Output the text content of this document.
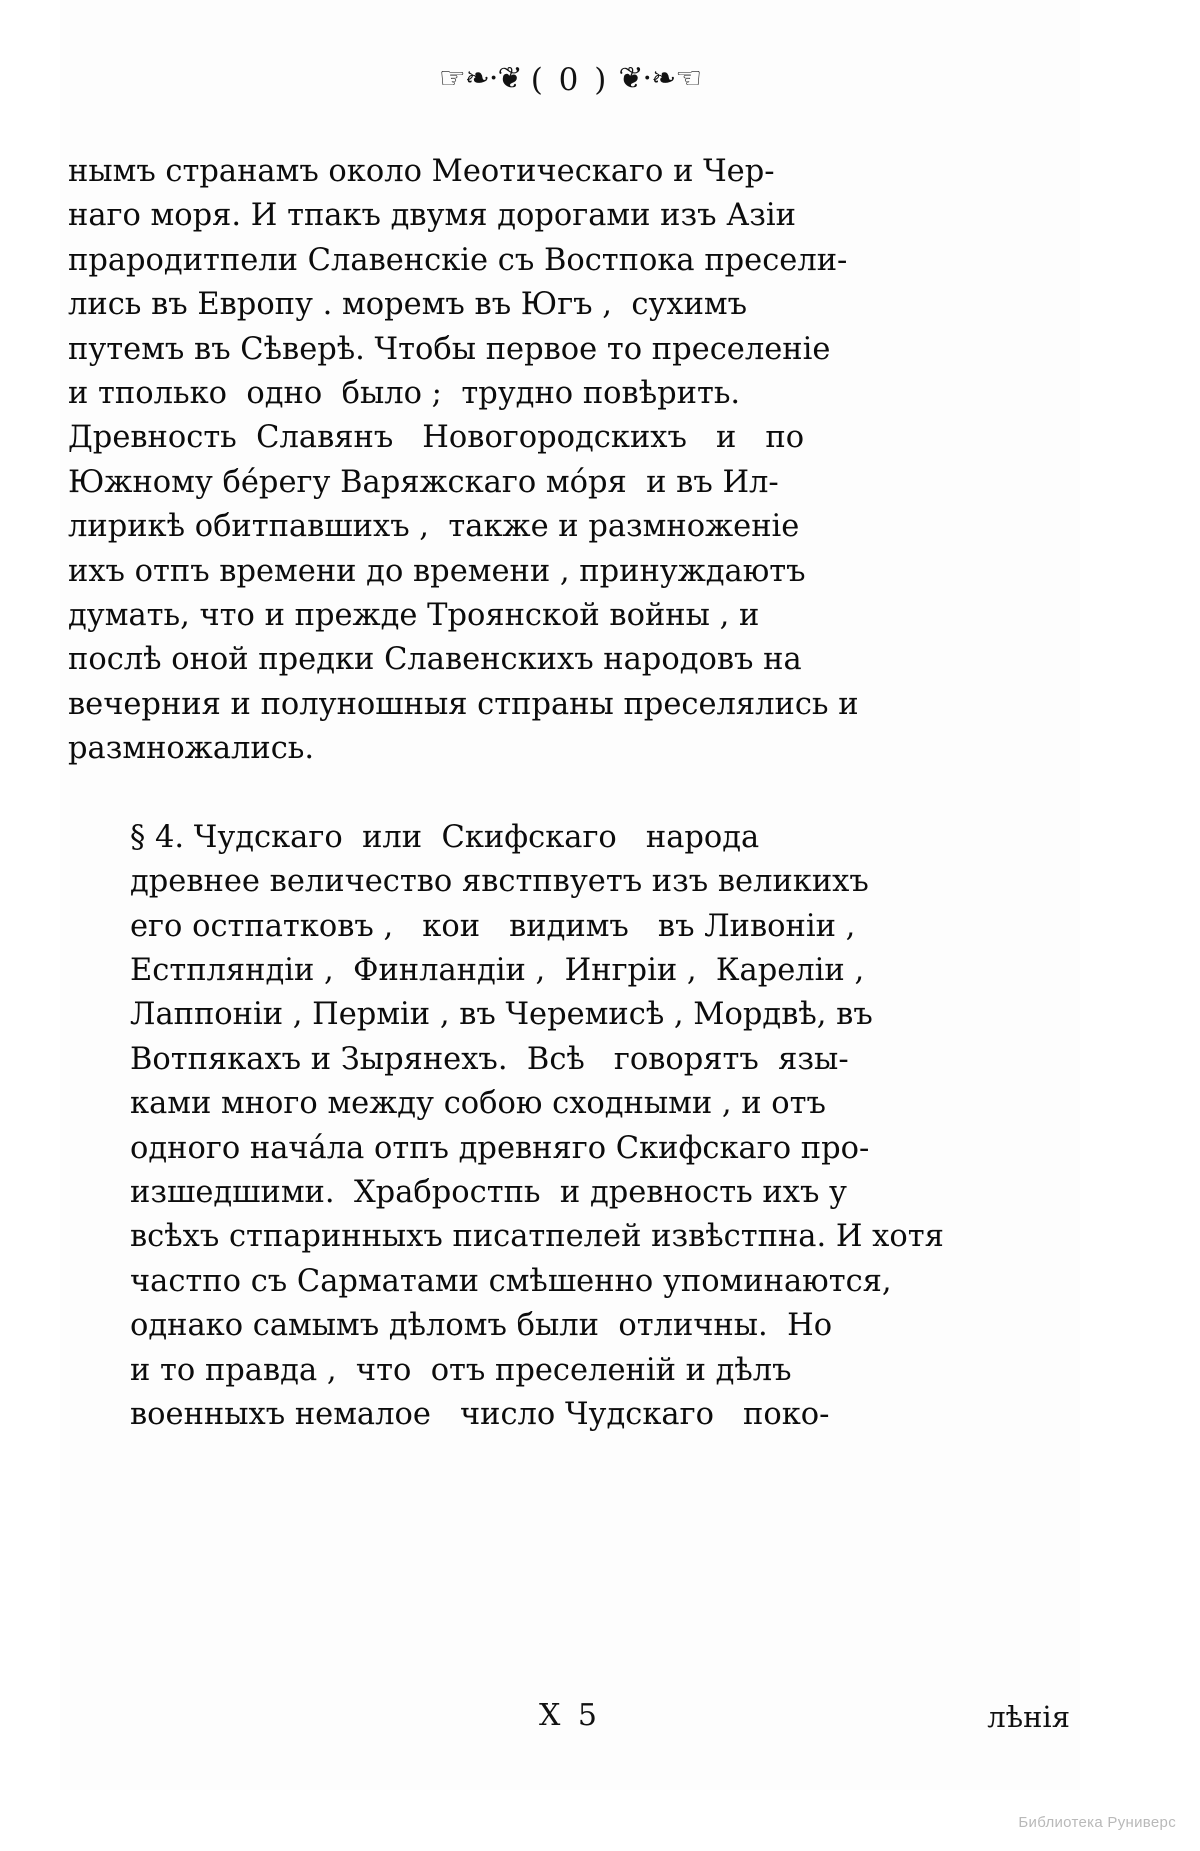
☞❧·❦ ( 0 ) ❦·❧☜

нымъ странамъ около Меотическаго и Чер-
наго моря. И тпакъ двумя дорогами изъ Азіи
прародитпели Славенскіе съ Востпока пресели-
лись въ Европу . моремъ въ Югъ ,  сухимъ
путемъ въ Сѣверѣ. Чтобы первое то преселеніе
и тполько  одно  было ;  трудно повѣрить.
Древность  Славянъ   Новогородскихъ   и   по
Южному бéрегу Варяжскаго мóря  и въ Ил-
лирикѣ обитпавшихъ ,  также и размноженіе
ихъ отпъ времени до времени , принуждаютъ
думать, что и прежде Троянской войны , и
послѣ оной предки Славенскихъ народовъ на
вечерния и полуношныя стпраны преселялись и
размножались.

§ 4. Чудскаго  или  Скифскаго   народа
древнее величество явстпвуетъ изъ великихъ
его остпатковъ ,   кои   видимъ   въ Ливоніи ,
Естпляндіи ,  Финландіи ,  Ингріи ,  Кареліи ,
Лаппоніи , Перміи , въ Черемисѣ , Мордвѣ, въ
Вотпякахъ и Зырянехъ.  Всѣ   говорятъ  язы-
ками много между собою сходными , и отъ
одного начáла отпъ древняго Скифскаго про-
изшедшими.  Храбростпь  и древность ихъ у
всѣхъ стпаринныхъ писатпелей извѣстпна. И хотя
частпо съ Сарматами смѣшенно упоминаются,
однако самымъ дѣломъ были  отличны.  Но
и то правда ,  что  отъ преселеній и дѣлъ
военныхъ немалое   число Чудскаго   поко-

Х 5	лѣнія
Библиотека Руниверс
